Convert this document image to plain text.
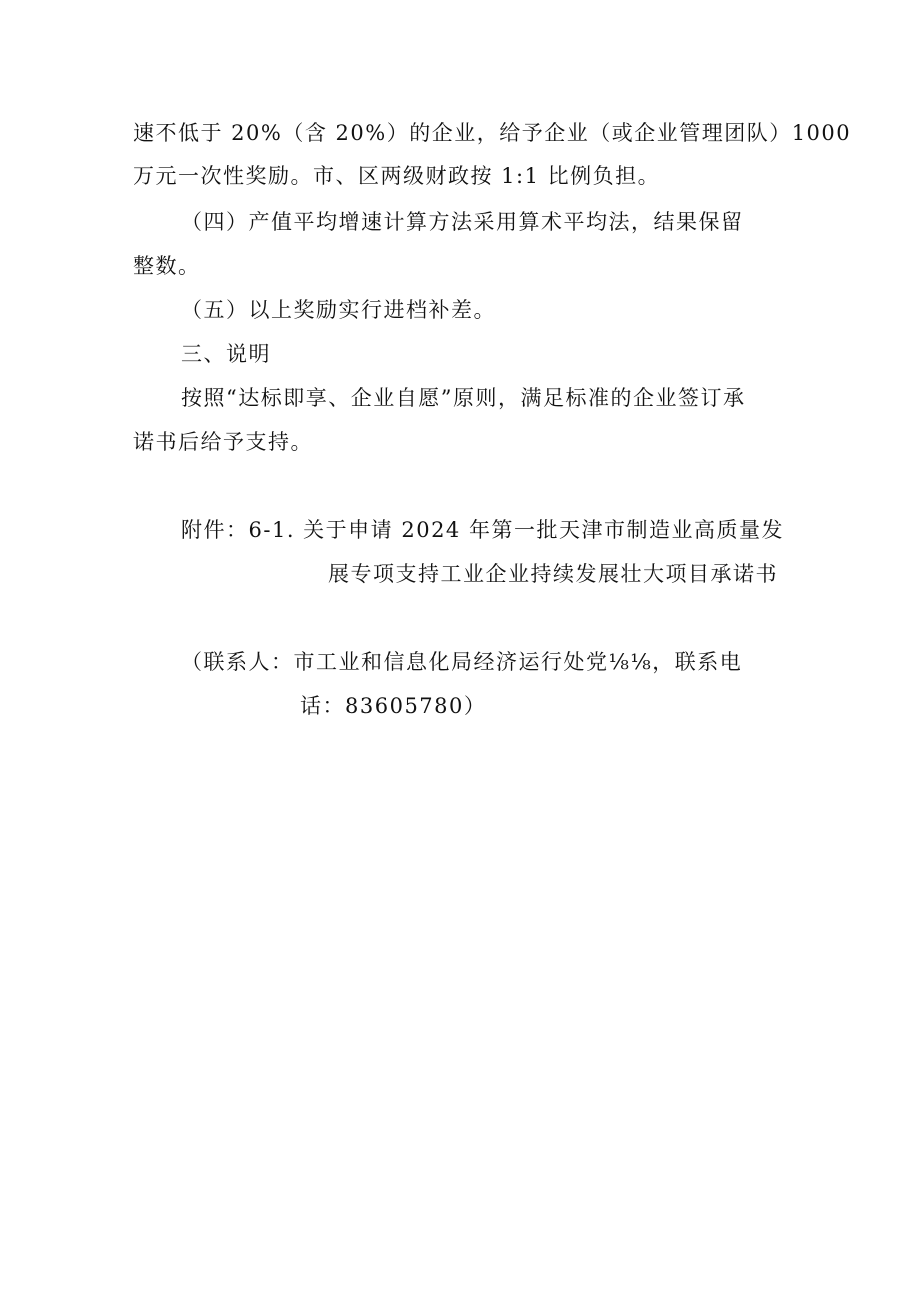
速不低于 20%（含 20%）的企业，给予企业（或企业管理团队）1000

万元一次性奖励。市、区两级财政按 1:1 比例负担。

（四）产值平均增速计算方法采用算术平均法，结果保留

整数。

（五）以上奖励实行进档补差。

三、说明

按照“达标即享、企业自愿”原则，满足标准的企业签订承

诺书后给予支持。

附件：6-1. 关于申请 2024 年第一批天津市制造业高质量发

展专项支持工业企业持续发展壮大项目承诺书

（联系人：市工业和信息化局经济运行处党⅛⅛，联系电

话：83605780）
